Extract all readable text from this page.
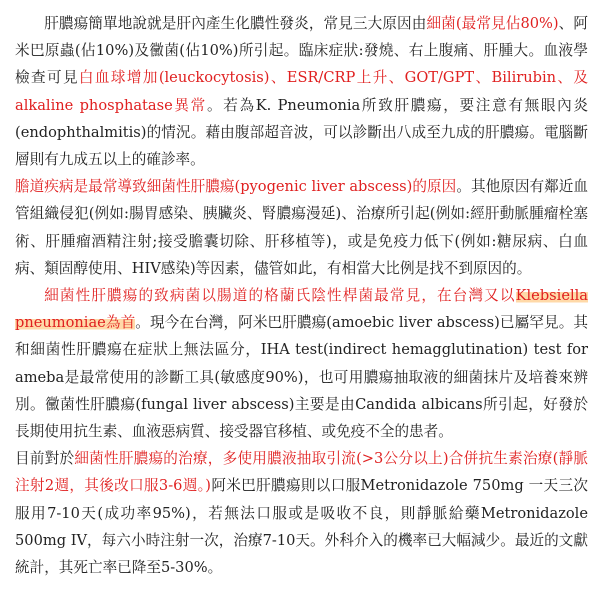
肝膿瘍簡單地說就是肝內產生化膿性發炎，常見三大原因由細菌(最常見佔80%)、阿米巴原蟲(佔10%)及黴菌(佔10%)所引起。臨床症狀:發燒、右上腹痛、肝腫大。血液學檢查可見白血球增加(leuckocytosis)、ESR/CRP上升、GOT/GPT、Bilirubin、及alkaline phosphatase異常。若為K. Pneumonia所致肝膿瘍，要注意有無眼內炎(endophthalmitis)的情況。藉由腹部超音波，可以診斷出八成至九成的肝膿瘍。電腦斷層則有九成五以上的確診率。

膽道疾病是最常導致細菌性肝膿瘍(pyogenic liver abscess)的原因。其他原因有鄰近血管組織侵犯(例如:腸胃感染、胰臟炎、腎膿瘍漫延)、治療所引起(例如:經肝動脈腫瘤栓塞術、肝腫瘤酒精注射;接受膽囊切除、肝移植等)，或是免疫力低下(例如:糖尿病、白血病、類固醇使用、HIV感染)等因素，儘管如此，有相當大比例是找不到原因的。

細菌性肝膿瘍的致病菌以腸道的格蘭氏陰性桿菌最常見，在台灣又以Klebsiella pneumoniae為首。現今在台灣，阿米巴肝膿瘍(amoebic liver abscess)已屬罕見。其和細菌性肝膿瘍在症狀上無法區分，IHA test(indirect hemagglutination) test for ameba是最常使用的診斷工具(敏感度90%)，也可用膿瘍抽取液的細菌抹片及培養來辨別。黴菌性肝膿瘍(fungal liver abscess)主要是由Candida albicans所引起，好發於長期使用抗生素、血液惡病質、接受器官移植、或免疫不全的患者。

目前對於細菌性肝膿瘍的治療，多使用膿液抽取引流(>3公分以上)合併抗生素治療(靜脈注射2週，其後改口服3-6週。)阿米巴肝膿瘍則以口服Metronidazole 750mg 一天三次 服用7-10天(成功率95%)，若無法口服或是吸收不良，則靜脈給藥Metronidazole 500mg IV，每六小時注射一次，治療7-10天。外科介入的機率已大幅減少。最近的文獻統計，其死亡率已降至5-30%。
